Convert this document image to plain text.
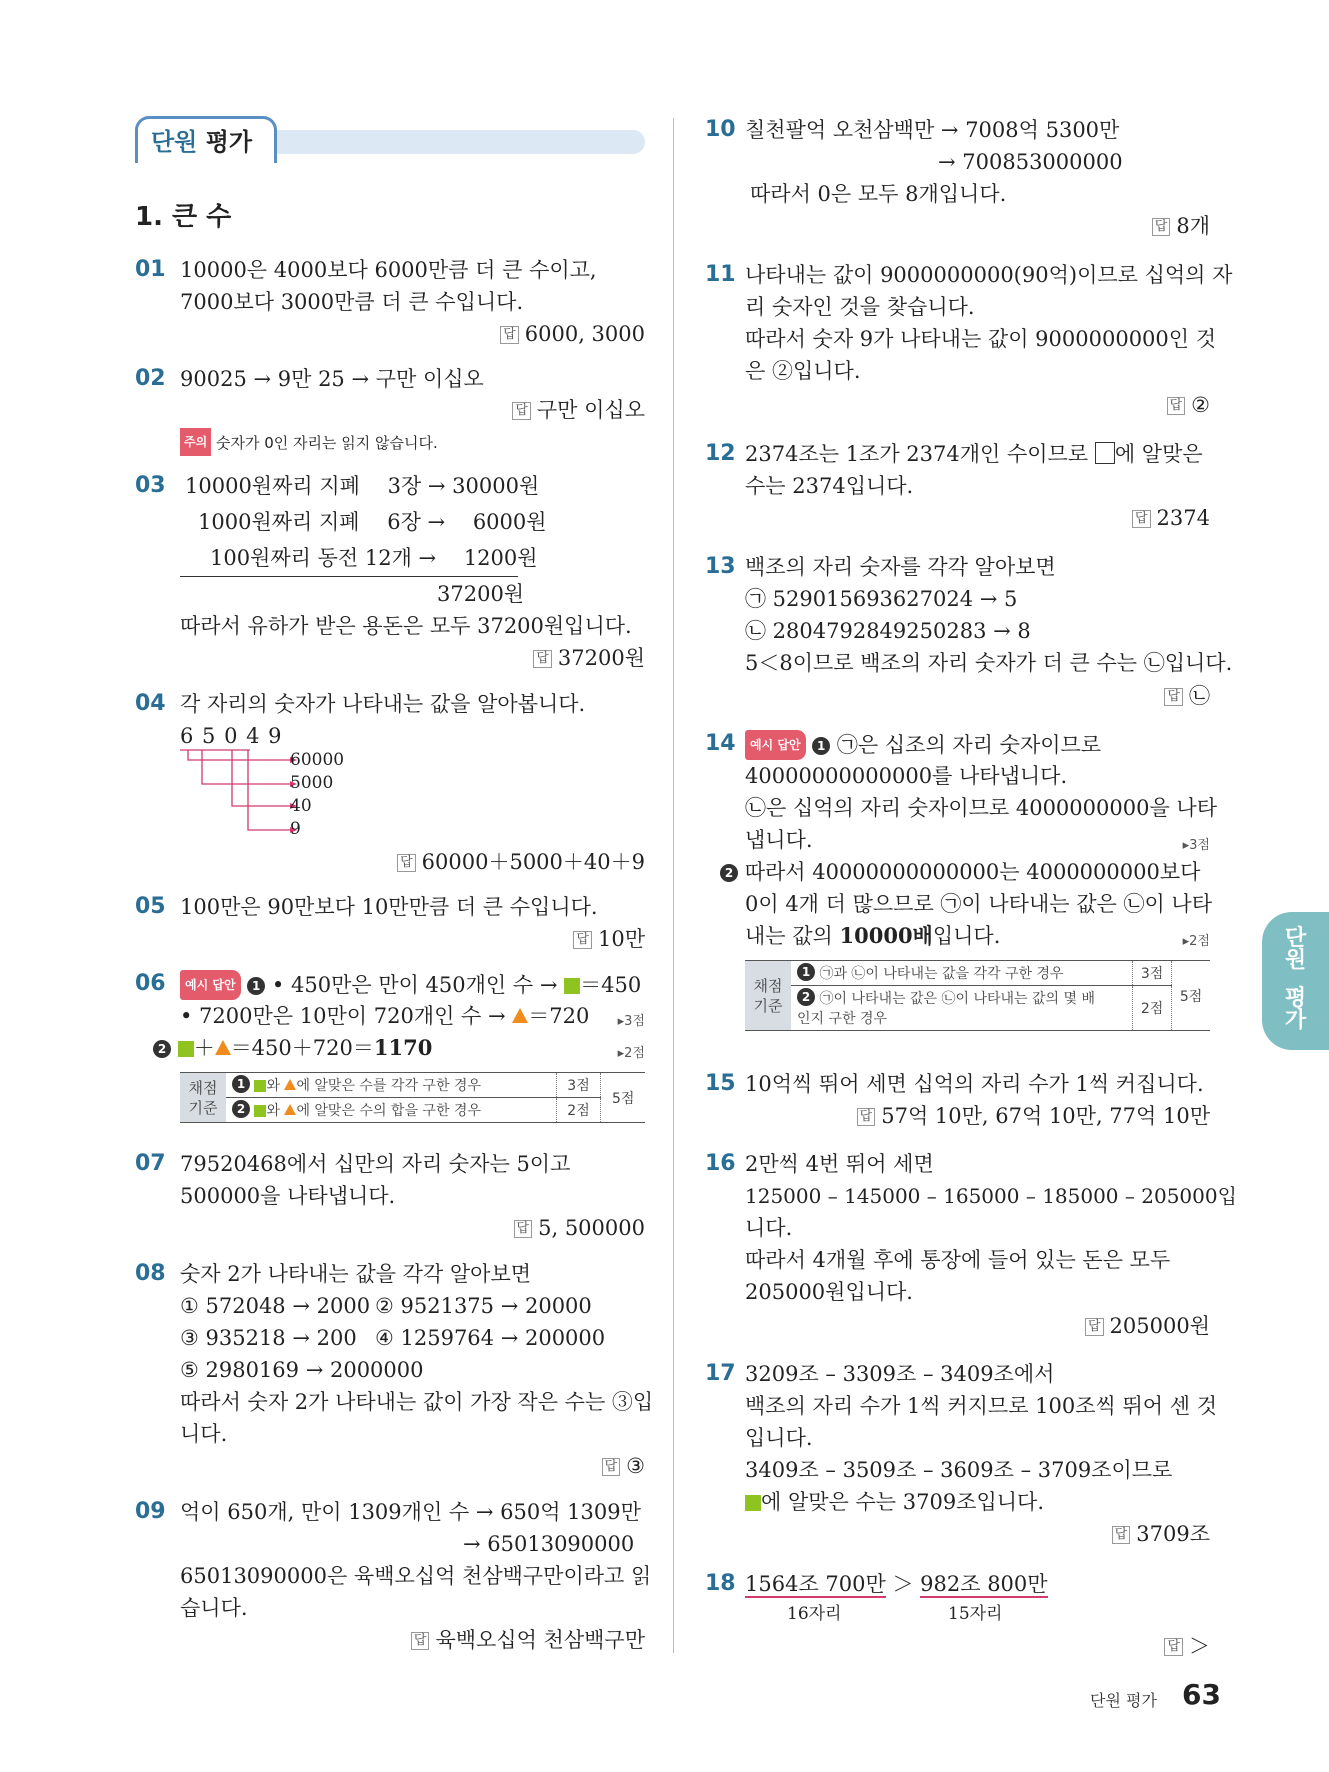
단원 평가
1. 큰 수
01 10000은 4000보다 6000만큼 더 큰 수이고,
7000보다 3000만큼 더 큰 수입니다.
답 6000, 3000
02 90025 → 9만 25 → 구만 이십오
답 구만 이십오
주의 숫자가 0인 자리는 읽지 않습니다.
03 10000원짜리 지폐 　3장 → 30000원
1000원짜리 지폐 　6장 → 　6000원
100원짜리 동전 12개 → 　1200원
37200원
따라서 유하가 받은 용돈은 모두 37200원입니다.
답 37200원
04 각 자리의 숫자가 나타내는 값을 알아봅니다.
6 5 0 4 9
60000
5000
40
9
답 60000＋5000＋40＋9
05 100만은 90만보다 10만만큼 더 큰 수입니다.
답 10만
06	예시 답안 1 • 450만은 만이 450개인 수 → ＝450
• 7200만은 10만이 720개인 수 → ＝720 ▸3점
2 ＋ ＝450＋720＝1170	▸2점
채점
기준	1 와 에 알맞은 수를 각각 구한 경우	3점	5점
	2 와 에 알맞은 수의 합을 구한 경우	2점	
07 79520468에서 십만의 자리 숫자는 5이고
500000을 나타냅니다.
답 5, 500000
08 숫자 2가 나타내는 값을 각각 알아보면
① 572048 → 2000 ② 9521375 → 20000
③ 935218 → 200 ④ 1259764 → 200000
⑤ 2980169 → 2000000
따라서 숫자 2가 나타내는 값이 가장 작은 수는 ③입
니다.
답 ③
09 억이 650개, 만이 1309개인 수 → 650억 1309만
→ 65013090000
65013090000은 육백오십억 천삼백구만이라고 읽
습니다.
답 육백오십억 천삼백구만
10 칠천팔억 오천삼백만 → 7008억 5300만
→ 700853000000
따라서 0은 모두 8개입니다.
답 8개
11 나타내는 값이 9000000000(90억)이므로 십억의 자
리 숫자인 것을 찾습니다.
따라서 숫자 9가 나타내는 값이 9000000000인 것
은 ②입니다.
답 ②
12 2374조는 1조가 2374개인 수이므로 에 알맞은
수는 2374입니다.
답 2374
13 백조의 자리 숫자를 각각 알아보면
㉠ 529015693627024 → 5
㉡ 2804792849250283 → 8
5＜8이므로 백조의 자리 숫자가 더 큰 수는 ㉡입니다.
답 ㉡
14	예시 답안 1 ㉠은 십조의 자리 숫자이므로
40000000000000를 나타냅니다.
㉡은 십억의 자리 숫자이므로 4000000000을 나타
냅니다.	▸3점
2 따라서 40000000000000는 4000000000보다
0이 4개 더 많으므로 ㉠이 나타내는 값은 ㉡이 나타
내는 값의 10000배입니다.	▸2점
채점
기준	1 ㉠과 ㉡이 나타내는 값을 각각 구한 경우	3점	5점
	2 ㉠이 나타내는 값은 ㉡이 나타내는 값의 몇 배
인지 구한 경우	2점	
15 10억씩 뛰어 세면 십억의 자리 수가 1씩 커집니다.
답 57억 10만, 67억 10만, 77억 10만
16 2만씩 4번 뛰어 세면
125000 – 145000 – 165000 – 185000 – 205000입
니다.
따라서 4개월 후에 통장에 들어 있는 돈은 모두
205000원입니다.
답 205000원
17 3209조 – 3309조 – 3409조에서
백조의 자리 수가 1씩 커지므로 100조씩 뛰어 센 것
입니다.
3409조 – 3509조 – 3609조 – 3709조이므로
에 알맞은 수는 3709조입니다.
답 3709조
18 1564조 700만 ＞ 982조 800만
16자리	15자리
답 ＞
단
원
평
가
단원 평가 63
